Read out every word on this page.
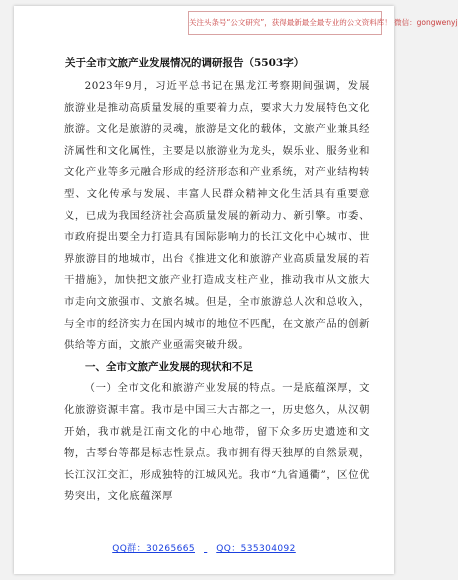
关注头条号“公文研究”，获得最新最全最专业的公文资料库！ 微信：gongwenyj
关于全市文旅产业发展情况的调研报告（5503字）

2023年9月，习近平总书记在黑龙江考察期间强调，发展旅游业是推动高质量发展的重要着力点，要求大力发展特色文化旅游。文化是旅游的灵魂，旅游是文化的载体，文旅产业兼具经济属性和文化属性，主要是以旅游业为龙头，娱乐业、服务业和文化产业等多元融合形成的经济形态和产业系统，对产业结构转型、文化传承与发展、丰富人民群众精神文化生活具有重要意义，已成为我国经济社会高质量发展的新动力、新引擎。市委、市政府提出要全力打造具有国际影响力的长江文化中心城市、世界旅游目的地城市，出台《推进文化和旅游产业高质量发展的若干措施》，加快把文旅产业打造成支柱产业，推动我市从文旅大市走向文旅强市、文旅名城。但是，全市旅游总人次和总收入，与全市的经济实力在国内城市的地位不匹配，在文旅产品的创新供给等方面，文旅产业亟需突破升级。

一、全市文旅产业发展的现状和不足

（一）全市文化和旅游产业发展的特点。一是底蕴深厚，文化旅游资源丰富。我市是中国三大古都之一，历史悠久，从汉朝开始，我市就是江南文化的中心地带，留下众多历史遗迹和文物，古琴台等都是标志性景点。我市拥有得天独厚的自然景观，长江汉江交汇，形成独特的江城风光。我市“九省通衢”，区位优势突出，文化底蕴深厚

QQ群：30265665 QQ：535304092
